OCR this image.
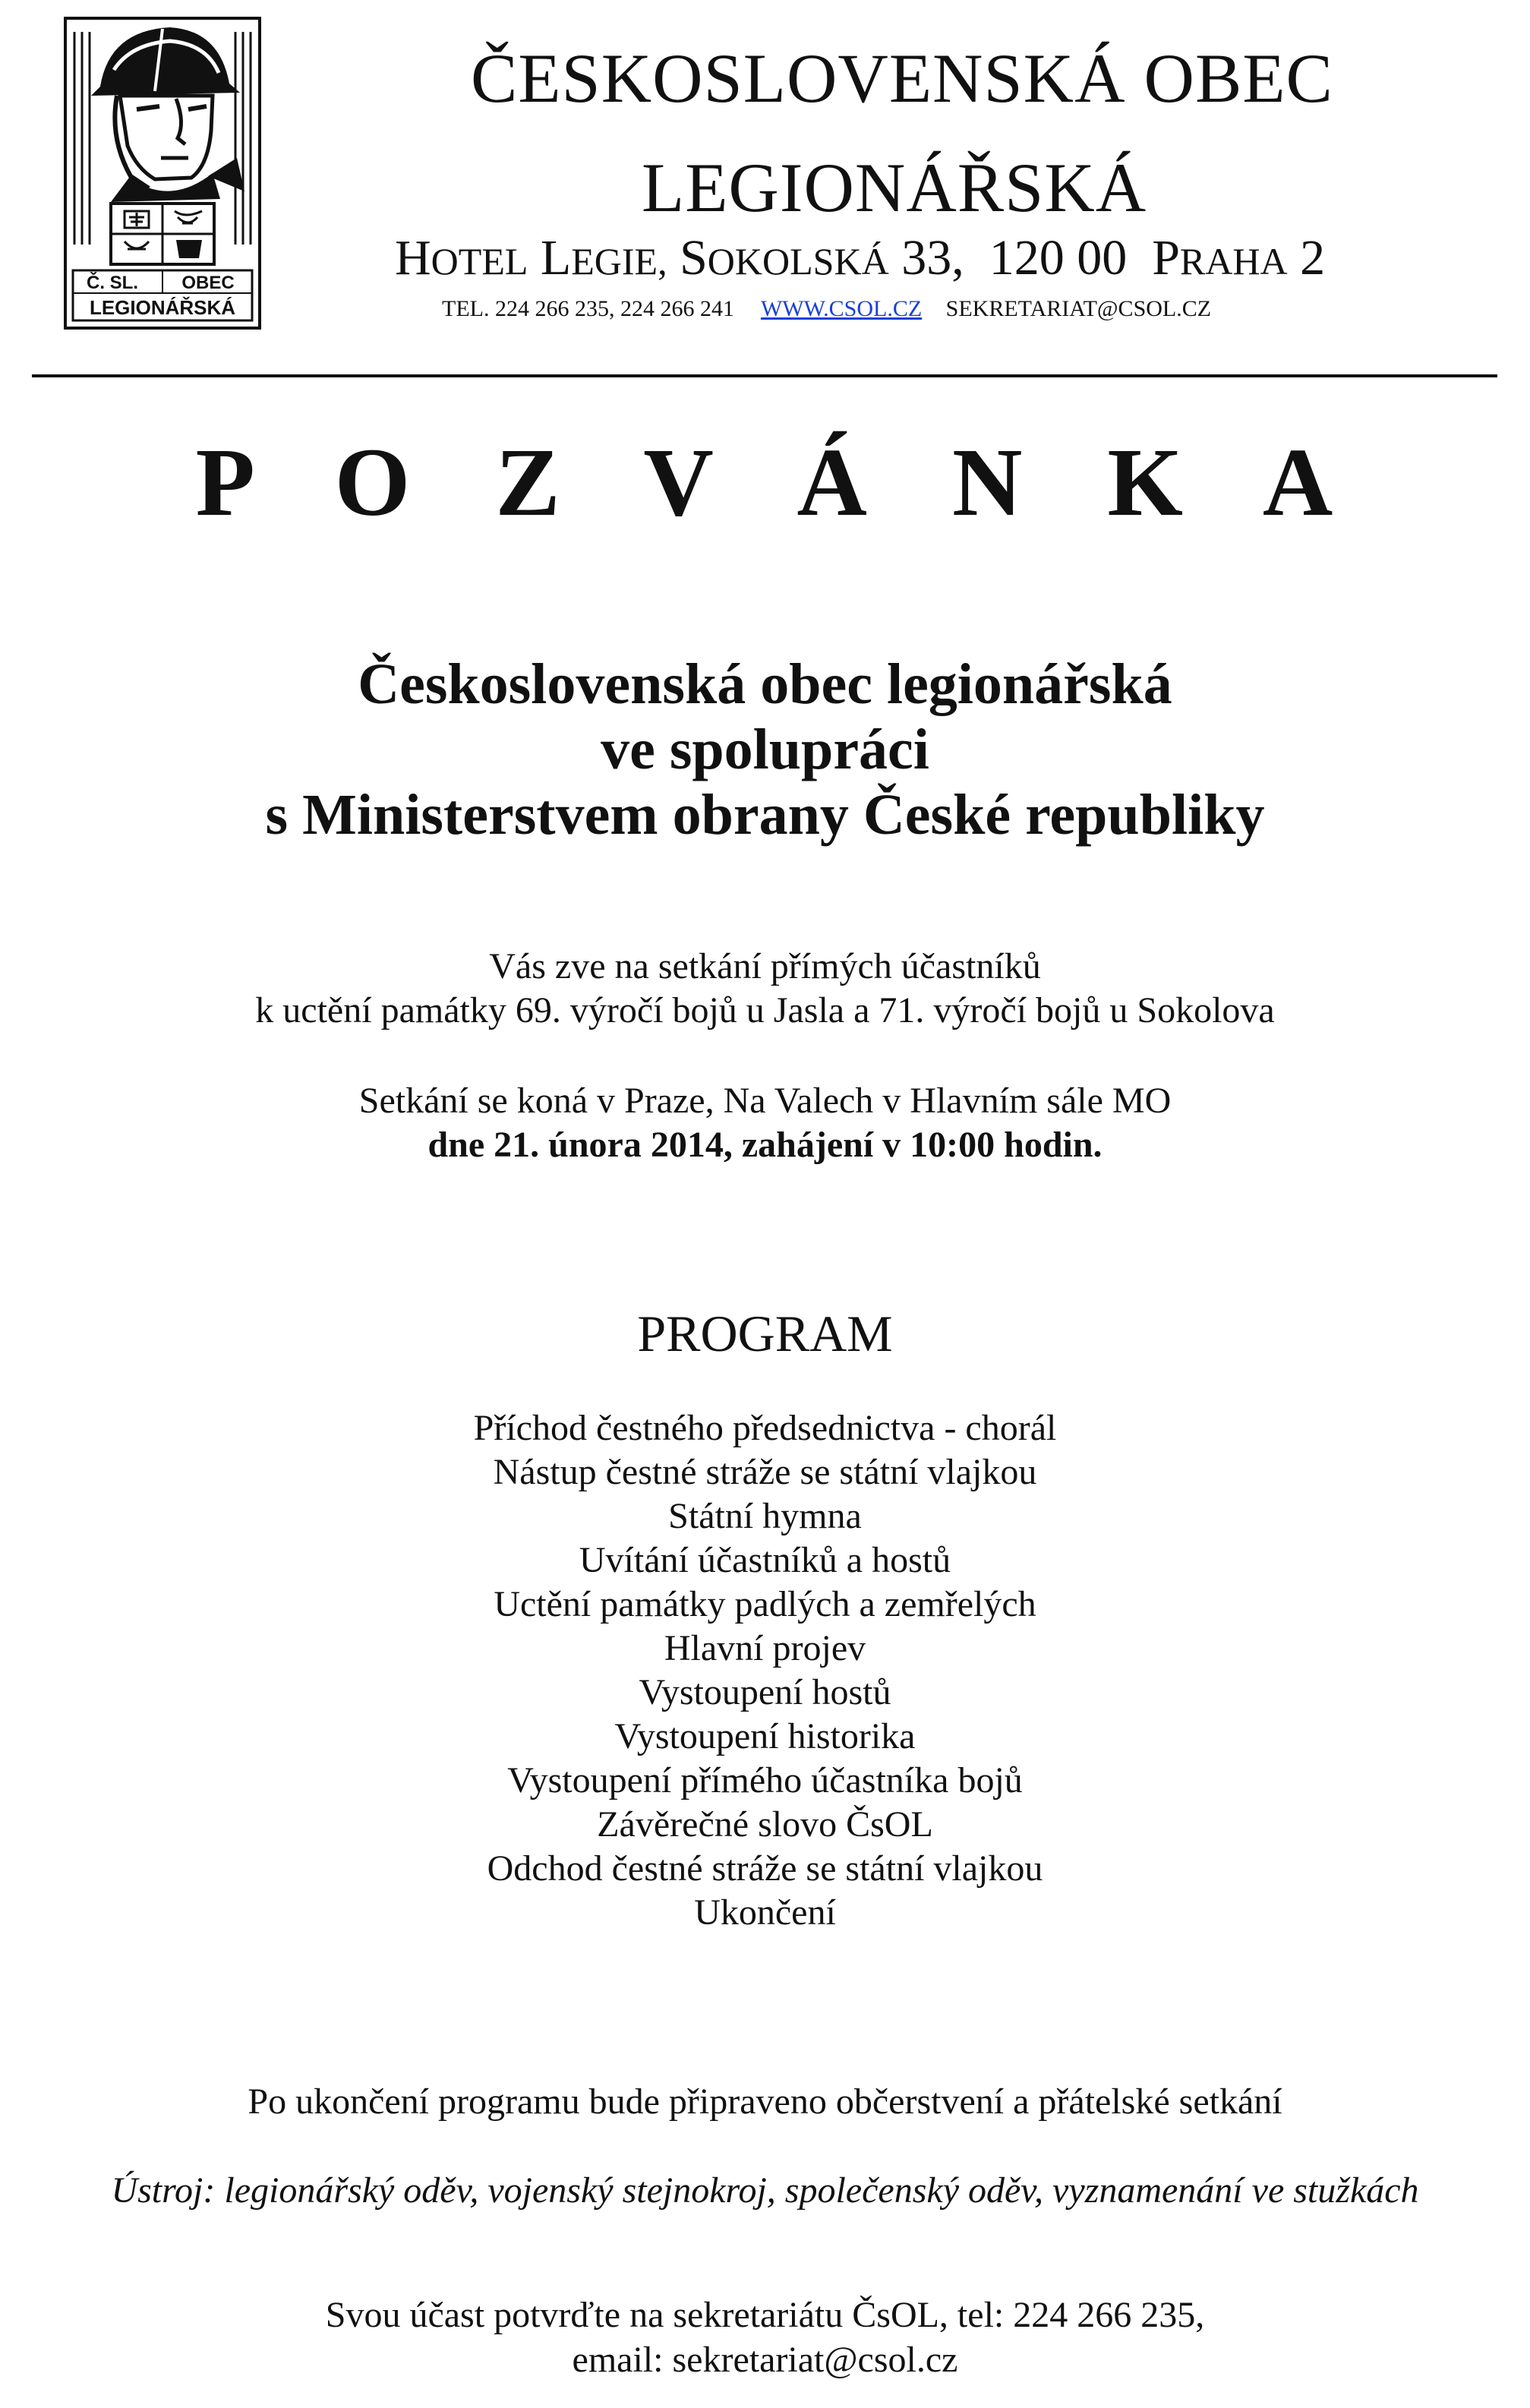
Č. SL. OBEC
LEGIONÁŘSKÁ
ČESKOSLOVENSKÁ OBEC
LEGIONÁŘSKÁ
HOTEL LEGIE, SOKOLSKÁ 33, 120 00 PRAHA 2
TEL. 224 266 235, 224 266 241 WWW.CSOL.CZ SEKRETARIAT@CSOL.CZ
P O Z V Á N K A
Československá obec legionářská
ve spolupráci
s Ministerstvem obrany České republiky
Vás zve na setkání přímých účastníků
k uctění památky 69. výročí bojů u Jasla a 71. výročí bojů u Sokolova
Setkání se koná v Praze, Na Valech v Hlavním sále MO
dne 21. února 2014, zahájení v 10:00 hodin.
PROGRAM
Příchod čestného předsednictva - chorál
Nástup čestné stráže se státní vlajkou
Státní hymna
Uvítání účastníků a hostů
Uctění památky padlých a zemřelých
Hlavní projev
Vystoupení hostů
Vystoupení historika
Vystoupení přímého účastníka bojů
Závěrečné slovo ČsOL
Odchod čestné stráže se státní vlajkou
Ukončení
Po ukončení programu bude připraveno občerstvení a přátelské setkání
Ústroj: legionářský oděv, vojenský stejnokroj, společenský oděv, vyznamenání ve stužkách
Svou účast potvrďte na sekretariátu ČsOL, tel: 224 266 235,
email: sekretariat@csol.cz
